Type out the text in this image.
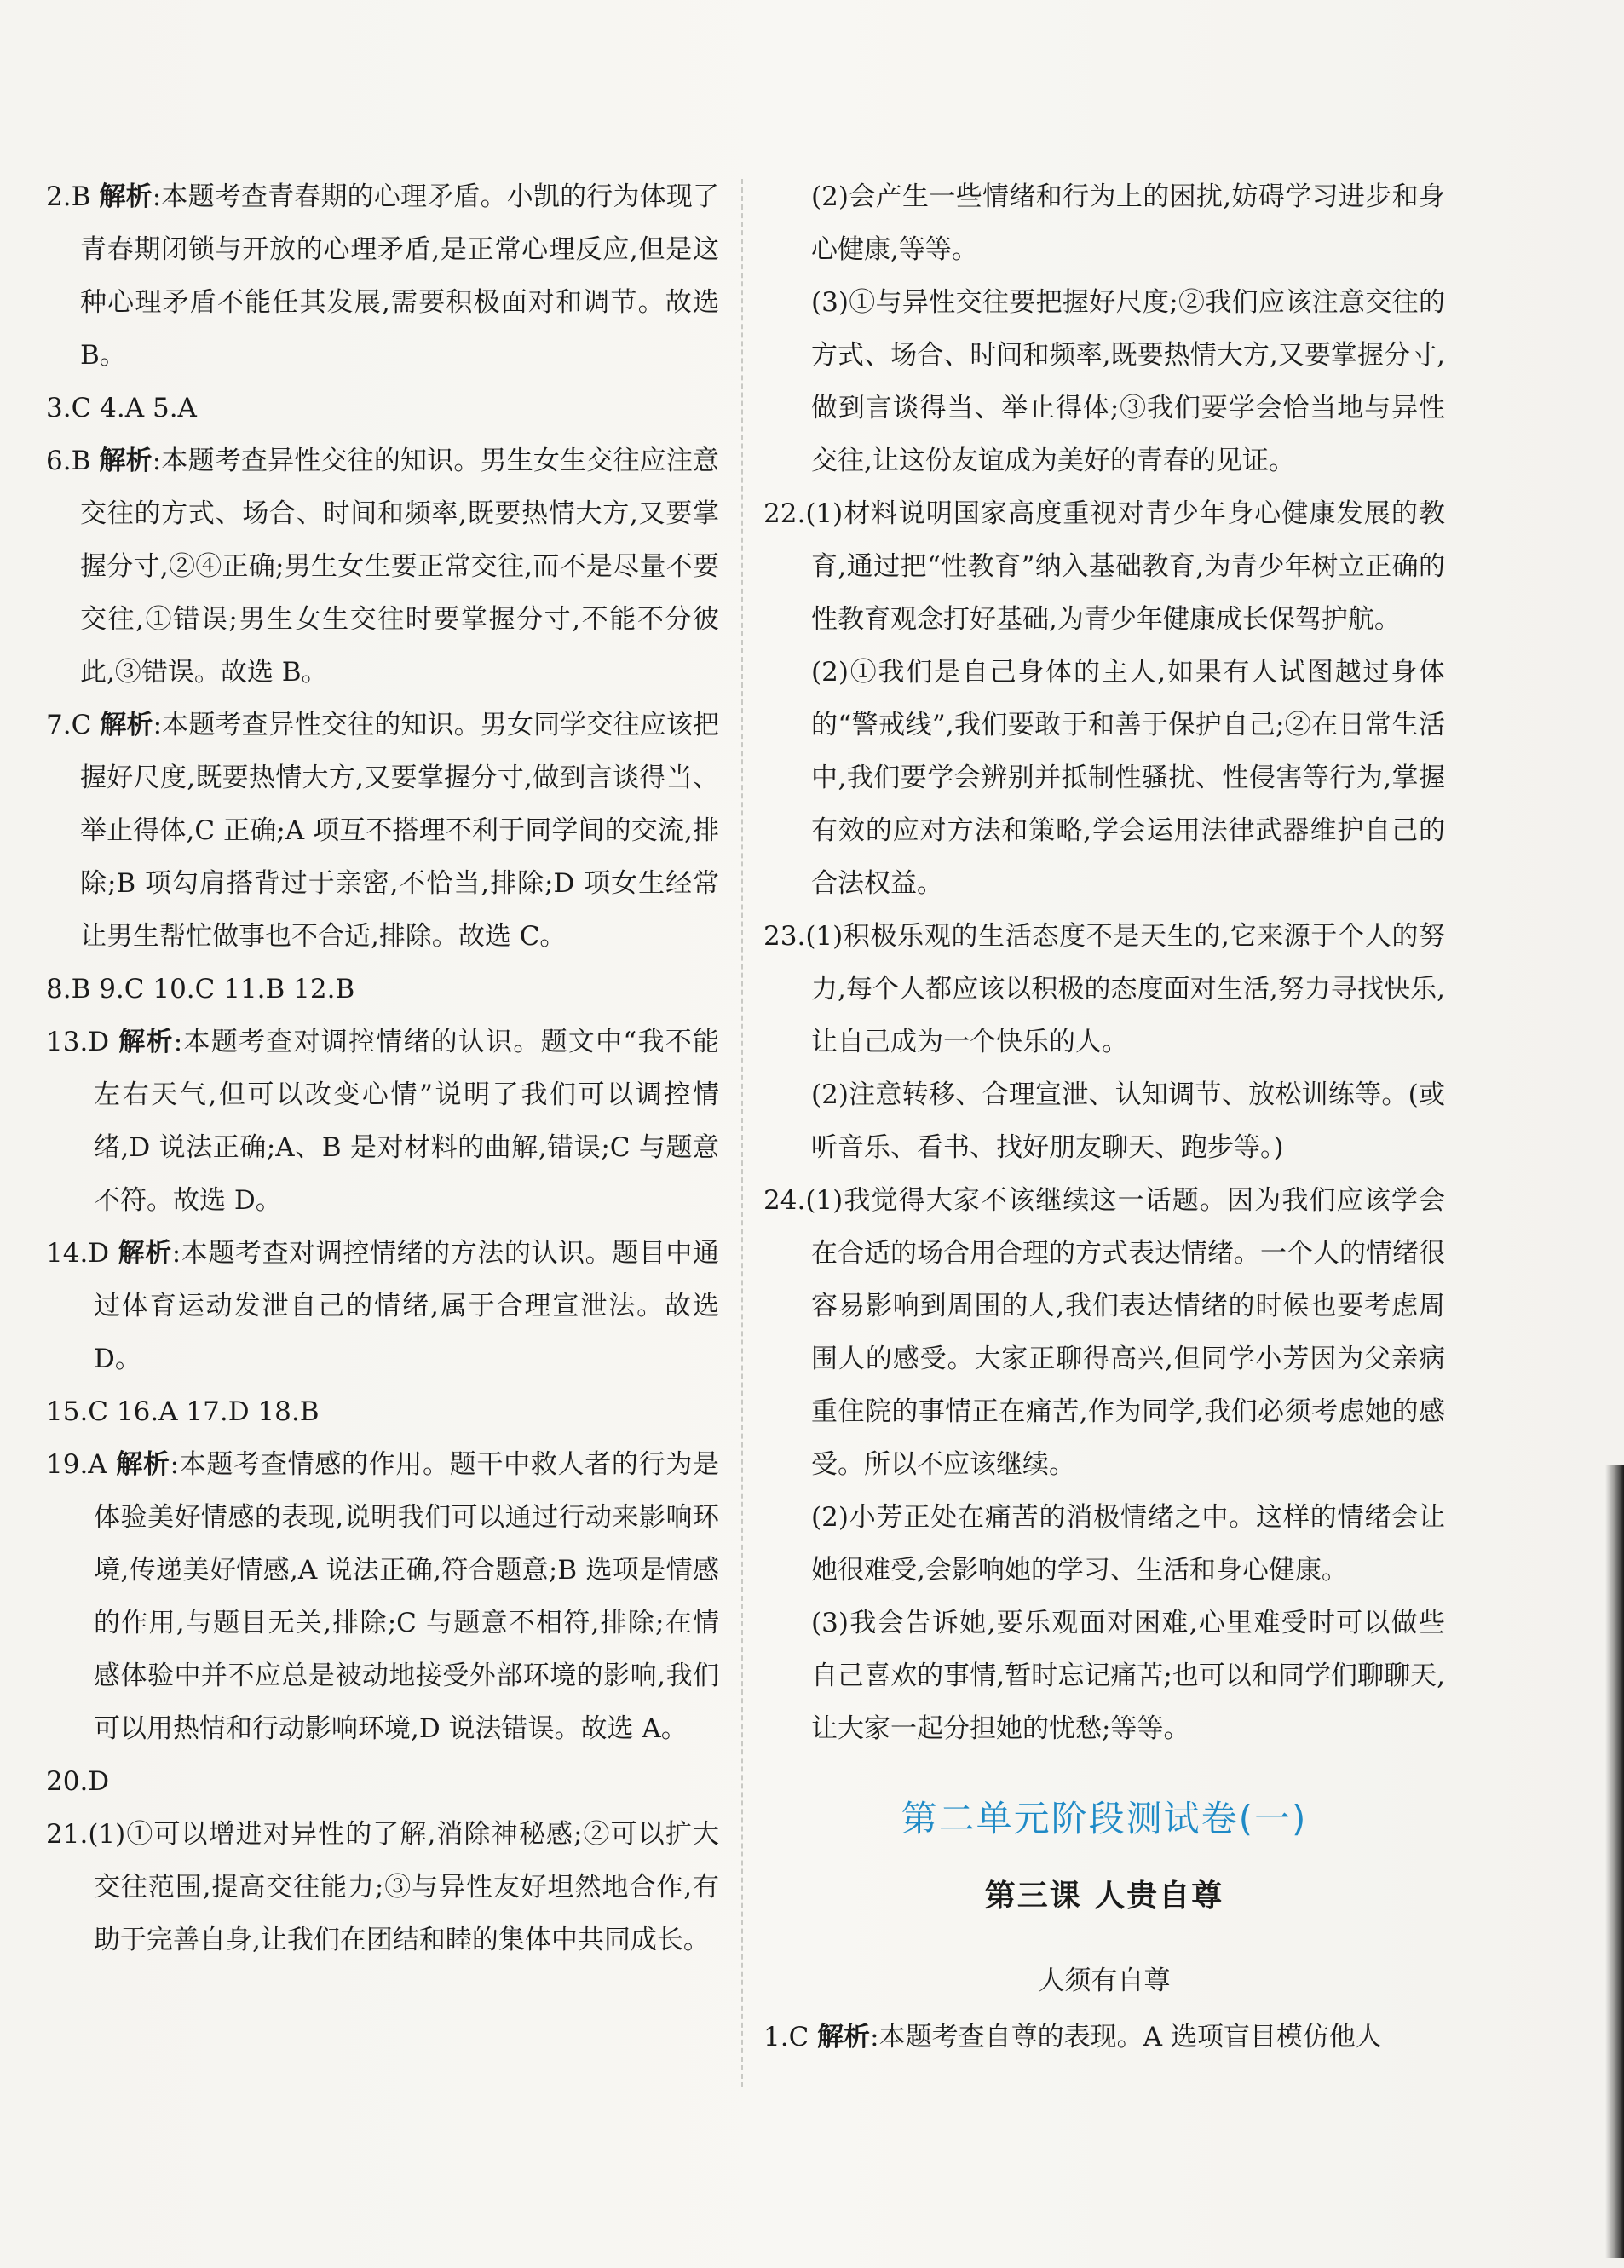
2.B 解析:本题考查青春期的心理矛盾。小凯的行为体现了青春期闭锁与开放的心理矛盾,是正常心理反应,但是这种心理矛盾不能任其发展,需要积极面对和调节。故选 B。

3.C 4.A 5.A

6.B 解析:本题考查异性交往的知识。男生女生交往应注意交往的方式、场合、时间和频率,既要热情大方,又要掌握分寸,②④正确;男生女生要正常交往,而不是尽量不要交往,①错误;男生女生交往时要掌握分寸,不能不分彼此,③错误。故选 B。

7.C 解析:本题考查异性交往的知识。男女同学交往应该把握好尺度,既要热情大方,又要掌握分寸,做到言谈得当、举止得体,C 正确;A 项互不搭理不利于同学间的交流,排除;B 项勾肩搭背过于亲密,不恰当,排除;D 项女生经常让男生帮忙做事也不合适,排除。故选 C。

8.B 9.C 10.C 11.B 12.B

13.D 解析:本题考查对调控情绪的认识。题文中“我不能左右天气,但可以改变心情”说明了我们可以调控情绪,D 说法正确;A、B 是对材料的曲解,错误;C 与题意不符。故选 D。

14.D 解析:本题考查对调控情绪的方法的认识。题目中通过体育运动发泄自己的情绪,属于合理宣泄法。故选 D。

15.C 16.A 17.D 18.B

19.A 解析:本题考查情感的作用。题干中救人者的行为是体验美好情感的表现,说明我们可以通过行动来影响环境,传递美好情感,A 说法正确,符合题意;B 选项是情感的作用,与题目无关,排除;C 与题意不相符,排除;在情感体验中并不应总是被动地接受外部环境的影响,我们可以用热情和行动影响环境,D 说法错误。故选 A。

20.D

21.(1)①可以增进对异性的了解,消除神秘感;②可以扩大交往范围,提高交往能力;③与异性友好坦然地合作,有助于完善自身,让我们在团结和睦的集体中共同成长。

(2)会产生一些情绪和行为上的困扰,妨碍学习进步和身心健康,等等。

(3)①与异性交往要把握好尺度;②我们应该注意交往的方式、场合、时间和频率,既要热情大方,又要掌握分寸,做到言谈得当、举止得体;③我们要学会恰当地与异性交往,让这份友谊成为美好的青春的见证。

22.(1)材料说明国家高度重视对青少年身心健康发展的教育,通过把“性教育”纳入基础教育,为青少年树立正确的性教育观念打好基础,为青少年健康成长保驾护航。

(2)①我们是自己身体的主人,如果有人试图越过身体的“警戒线”,我们要敢于和善于保护自己;②在日常生活中,我们要学会辨别并抵制性骚扰、性侵害等行为,掌握有效的应对方法和策略,学会运用法律武器维护自己的合法权益。

23.(1)积极乐观的生活态度不是天生的,它来源于个人的努力,每个人都应该以积极的态度面对生活,努力寻找快乐,让自己成为一个快乐的人。

(2)注意转移、合理宣泄、认知调节、放松训练等。(或听音乐、看书、找好朋友聊天、跑步等。)

24.(1)我觉得大家不该继续这一话题。因为我们应该学会在合适的场合用合理的方式表达情绪。一个人的情绪很容易影响到周围的人,我们表达情绪的时候也要考虑周围人的感受。大家正聊得高兴,但同学小芳因为父亲病重住院的事情正在痛苦,作为同学,我们必须考虑她的感受。所以不应该继续。

(2)小芳正处在痛苦的消极情绪之中。这样的情绪会让她很难受,会影响她的学习、生活和身心健康。

(3)我会告诉她,要乐观面对困难,心里难受时可以做些自己喜欢的事情,暂时忘记痛苦;也可以和同学们聊聊天,让大家一起分担她的忧愁;等等。

第二单元阶段测试卷(一)
第三课 人贵自尊
人须有自尊

1.C 解析:本题考查自尊的表现。A 选项盲目模仿他人
